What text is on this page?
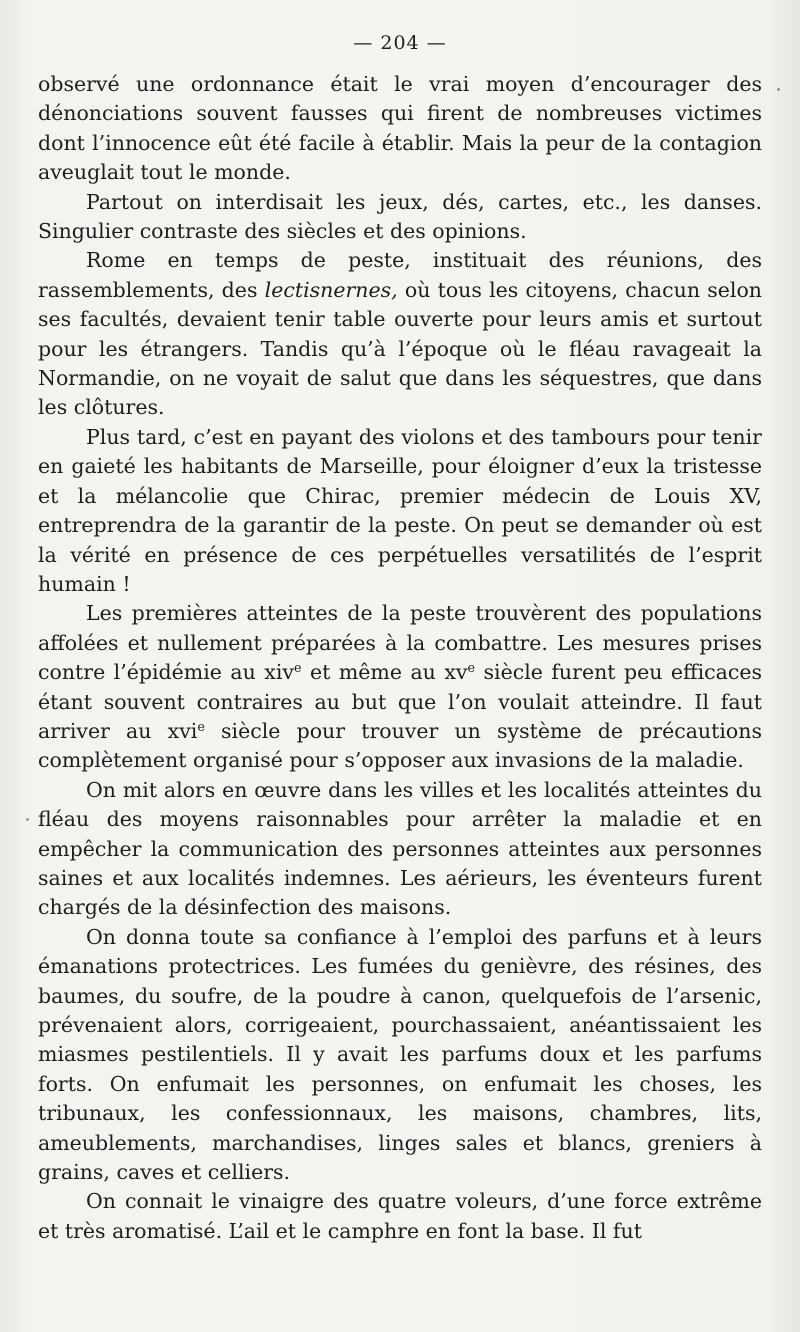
— 204 —

observé une ordonnance était le vrai moyen d’encourager des dénonciations souvent fausses qui firent de nombreuses victimes dont l’innocence eût été facile à établir. Mais la peur de la contagion aveuglait tout le monde.

Partout on interdisait les jeux, dés, cartes, etc., les danses. Singulier contraste des siècles et des opinions.

Rome en temps de peste, instituait des réunions, des rassemblements, des lectisnernes, où tous les citoyens, chacun selon ses facultés, devaient tenir table ouverte pour leurs amis et surtout pour les étrangers. Tandis qu’à l’époque où le fléau ravageait la Normandie, on ne voyait de salut que dans les séquestres, que dans les clôtures.

Plus tard, c’est en payant des violons et des tambours pour tenir en gaieté les habitants de Marseille, pour éloigner d’eux la tristesse et la mélancolie que Chirac, premier médecin de Louis XV, entreprendra de la garantir de la peste. On peut se demander où est la vérité en présence de ces perpétuelles versatilités de l’esprit humain !

Les premières atteintes de la peste trouvèrent des populations affolées et nullement préparées à la combattre. Les mesures prises contre l’épidémie au xiv$^e$ et même au $xv^e$ siècle furent peu efficaces étant souvent contraires au but que l’on voulait atteindre. Il faut arriver au xvi$^e$ siècle pour trouver un système de précautions complètement organisé pour s’opposer aux invasions de la maladie.

On mit alors en œuvre dans les villes et les localités atteintes du fléau des moyens raisonnables pour arrêter la maladie et en empêcher la communication des personnes atteintes aux personnes saines et aux localités indemnes. Les aérieurs, les éventeurs furent chargés de la désinfection des maisons.

On donna toute sa confiance à l’emploi des parfuns et à leurs émanations protectrices. Les fumées du genièvre, des résines, des baumes, du soufre, de la poudre à canon, quelquefois de l’arsenic, prévenaient alors, corrigeaient, pourchassaient, anéantissaient les miasmes pestilentiels. Il y avait les parfums doux et les parfums forts. On enfumait les personnes, on enfumait les choses, les tribunaux, les confessionnaux, les maisons, chambres, lits, ameublements, marchandises, linges sales et blancs, greniers à grains, caves et celliers.

On connait le vinaigre des quatre voleurs, d’une force extrême et très aromatisé. L’ail et le camphre en font la base. Il fut
